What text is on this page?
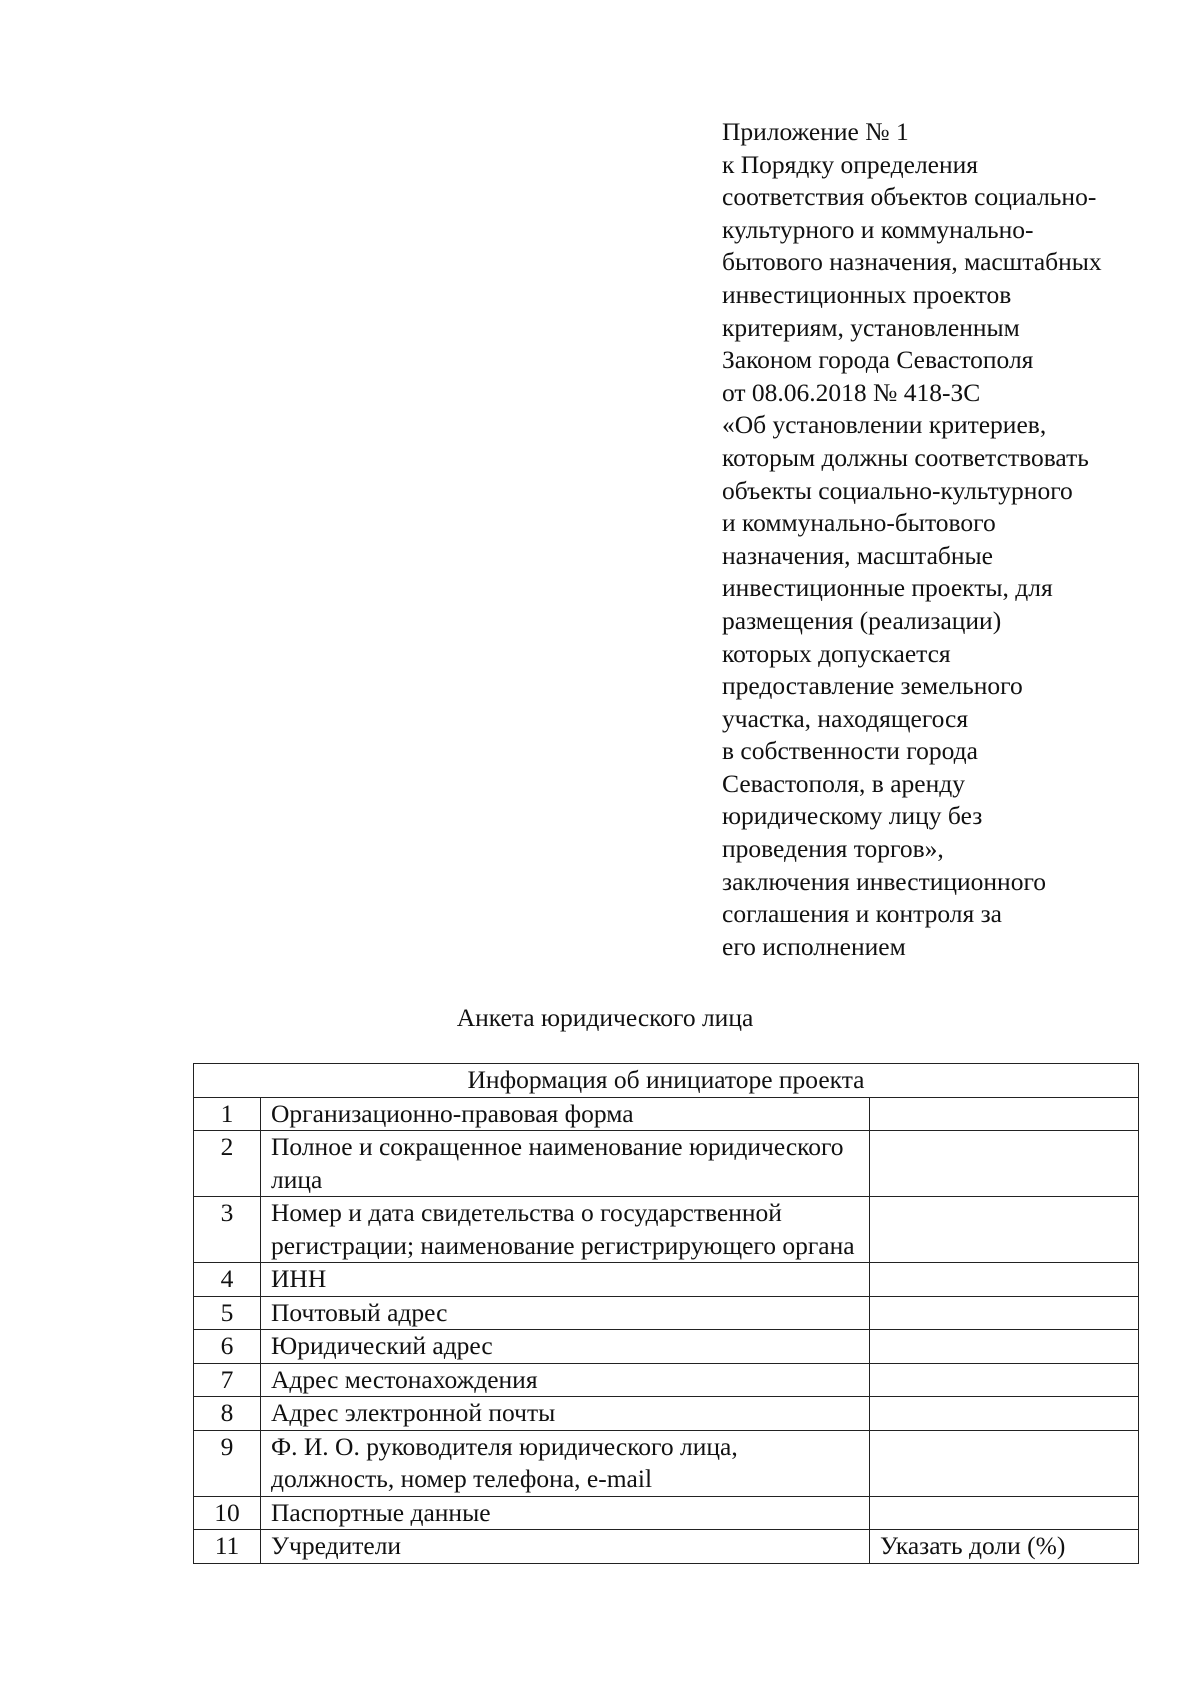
Приложение № 1
к Порядку определения
соответствия объектов социально-
культурного и коммунально-
бытового назначения, масштабных
инвестиционных проектов
критериям, установленным
Законом города Севастополя
от 08.06.2018 № 418-ЗС
«Об установлении критериев,
которым должны соответствовать
объекты социально-культурного
и коммунально-бытового
назначения, масштабные
инвестиционные проекты, для
размещения (реализации)
которых допускается
предоставление земельного
участка, находящегося
в собственности города
Севастополя, в аренду
юридическому лицу без
проведения торгов»,
заключения инвестиционного
соглашения и контроля за
его исполнением
Анкета юридического лица
Информация об инициаторе проекта		
1	Организационно-правовая форма	
2	Полное и сокращенное наименование юридического лица	
3	Номер и дата свидетельства о государственной регистрации; наименование регистрирующего органа	
4	ИНН	
5	Почтовый адрес	
6	Юридический адрес	
7	Адрес местонахождения	
8	Адрес электронной почты	
9	Ф. И. О. руководителя юридического лица, должность, номер телефона, e-mail	
10	Паспортные данные	
11	Учредители	Указать доли (%)
